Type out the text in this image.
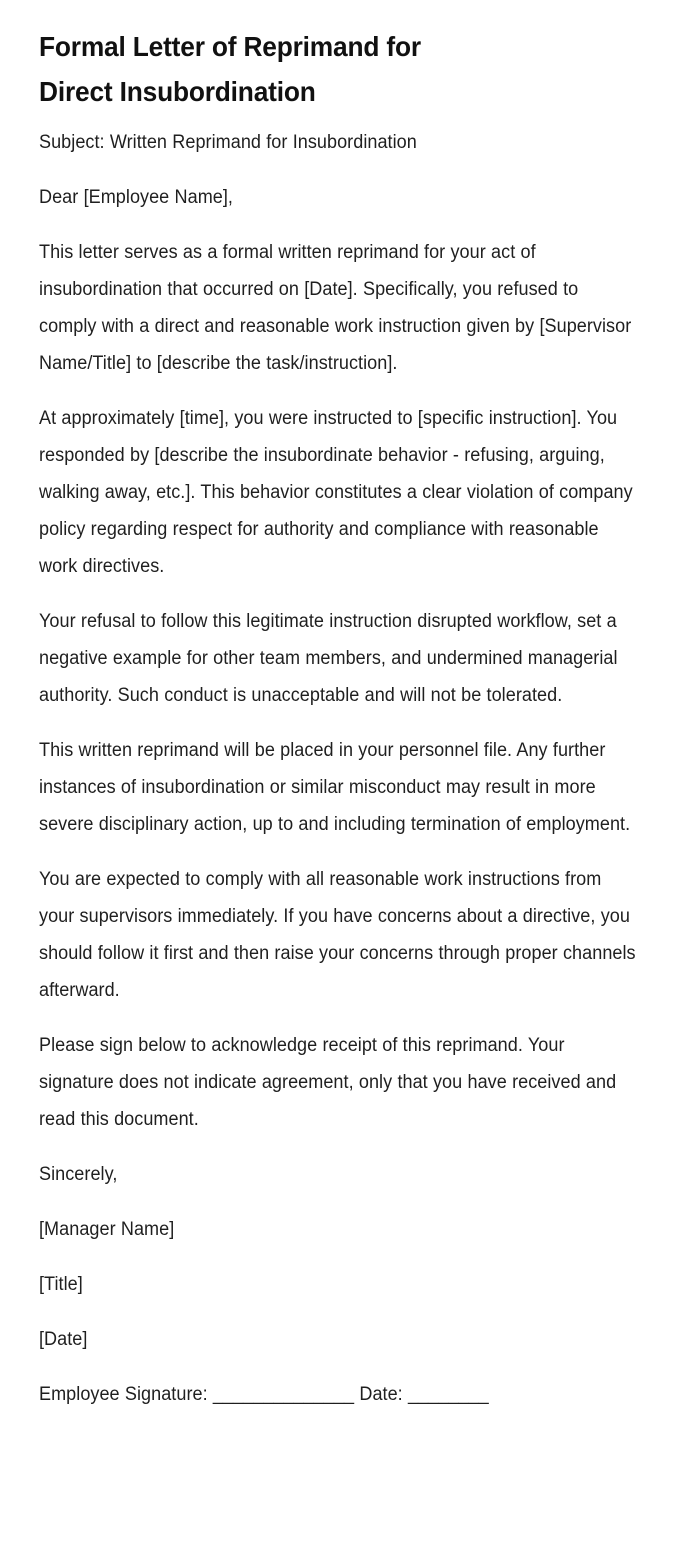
Formal Letter of Reprimand for Direct Insubordination

Subject: Written Reprimand for Insubordination

Dear [Employee Name],

This letter serves as a formal written reprimand for your act of insubordination that occurred on [Date]. Specifically, you refused to comply with a direct and reasonable work instruction given by [Supervisor Name/Title] to [describe the task/instruction].

At approximately [time], you were instructed to [specific instruction]. You responded by [describe the insubordinate behavior - refusing, arguing, walking away, etc.]. This behavior constitutes a clear violation of company policy regarding respect for authority and compliance with reasonable work directives.

Your refusal to follow this legitimate instruction disrupted workflow, set a negative example for other team members, and undermined managerial authority. Such conduct is unacceptable and will not be tolerated.

This written reprimand will be placed in your personnel file. Any further instances of insubordination or similar misconduct may result in more severe disciplinary action, up to and including termination of employment.

You are expected to comply with all reasonable work instructions from your supervisors immediately. If you have concerns about a directive, you should follow it first and then raise your concerns through proper channels afterward.

Please sign below to acknowledge receipt of this reprimand. Your signature does not indicate agreement, only that you have received and read this document.

Sincerely,

[Manager Name]

[Title]

[Date]

Employee Signature: ______________ Date: ________
